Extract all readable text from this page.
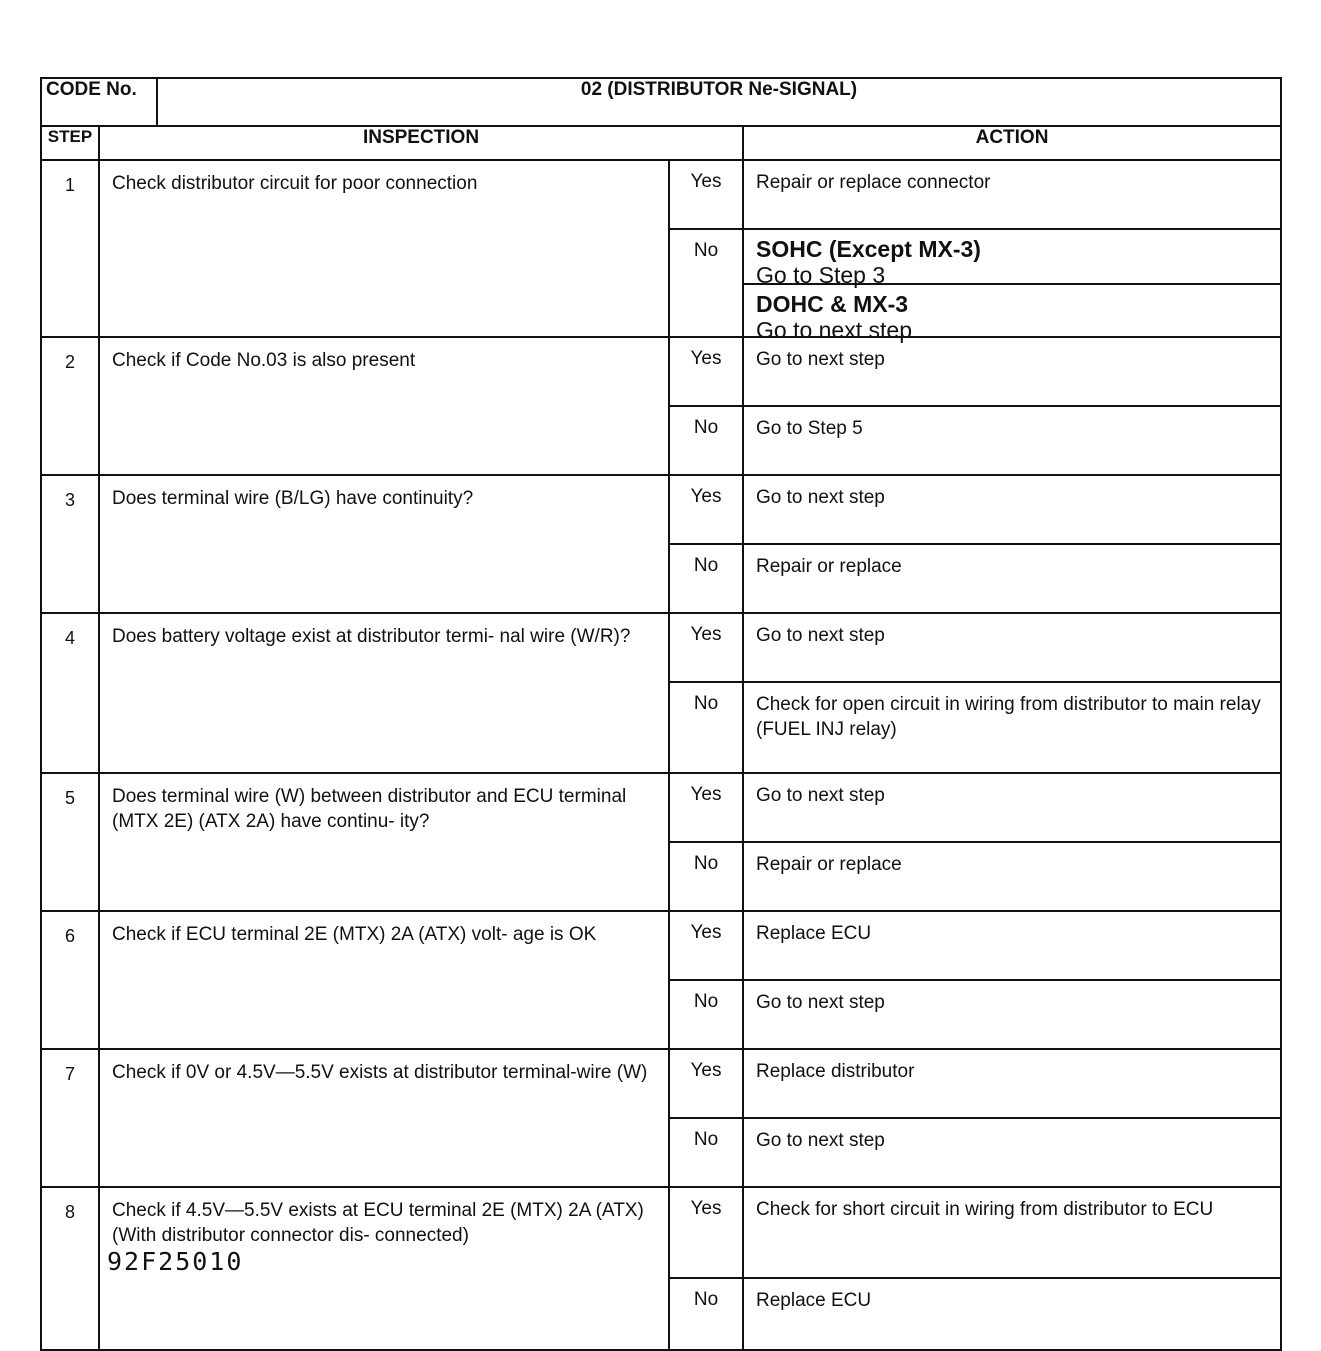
CODE No.		02 (DISTRIBUTOR Ne-SIGNAL)		
STEP	INSPECTION			ACTION
1	Check distributor circuit for poor connection		Yes	Repair or replace connector
			No	SOHC (Except MX-3)
Go to Step 3
DOHC & MX-3
Go to next step

2	Check if Code No.03 is also present		Yes	Go to next step
			No	Go to Step 5
3	Does terminal wire (B/LG) have continuity?		Yes	Go to next step
			No	Repair or replace
4	Does battery voltage exist at distributor termi- nal wire (W/R)?		Yes	Go to next step
			No	Check for open circuit in wiring from distributor to main relay (FUEL INJ relay)
5	Does terminal wire (W) between distributor and ECU terminal (MTX 2E) (ATX 2A) have continu- ity?		Yes	Go to next step
			No	Repair or replace
6	Check if ECU terminal 2E (MTX) 2A (ATX) volt- age is OK		Yes	Replace ECU
			No	Go to next step
7	Check if 0V or 4.5V—5.5V exists at distributor terminal-wire (W)		Yes	Replace distributor
			No	Go to next step
8	Check if 4.5V—5.5V exists at ECU terminal 2E (MTX) 2A (ATX) (With distributor connector dis- connected)		Yes	Check for short circuit in wiring from distributor to ECU
			No	Replace ECU
92F25010
